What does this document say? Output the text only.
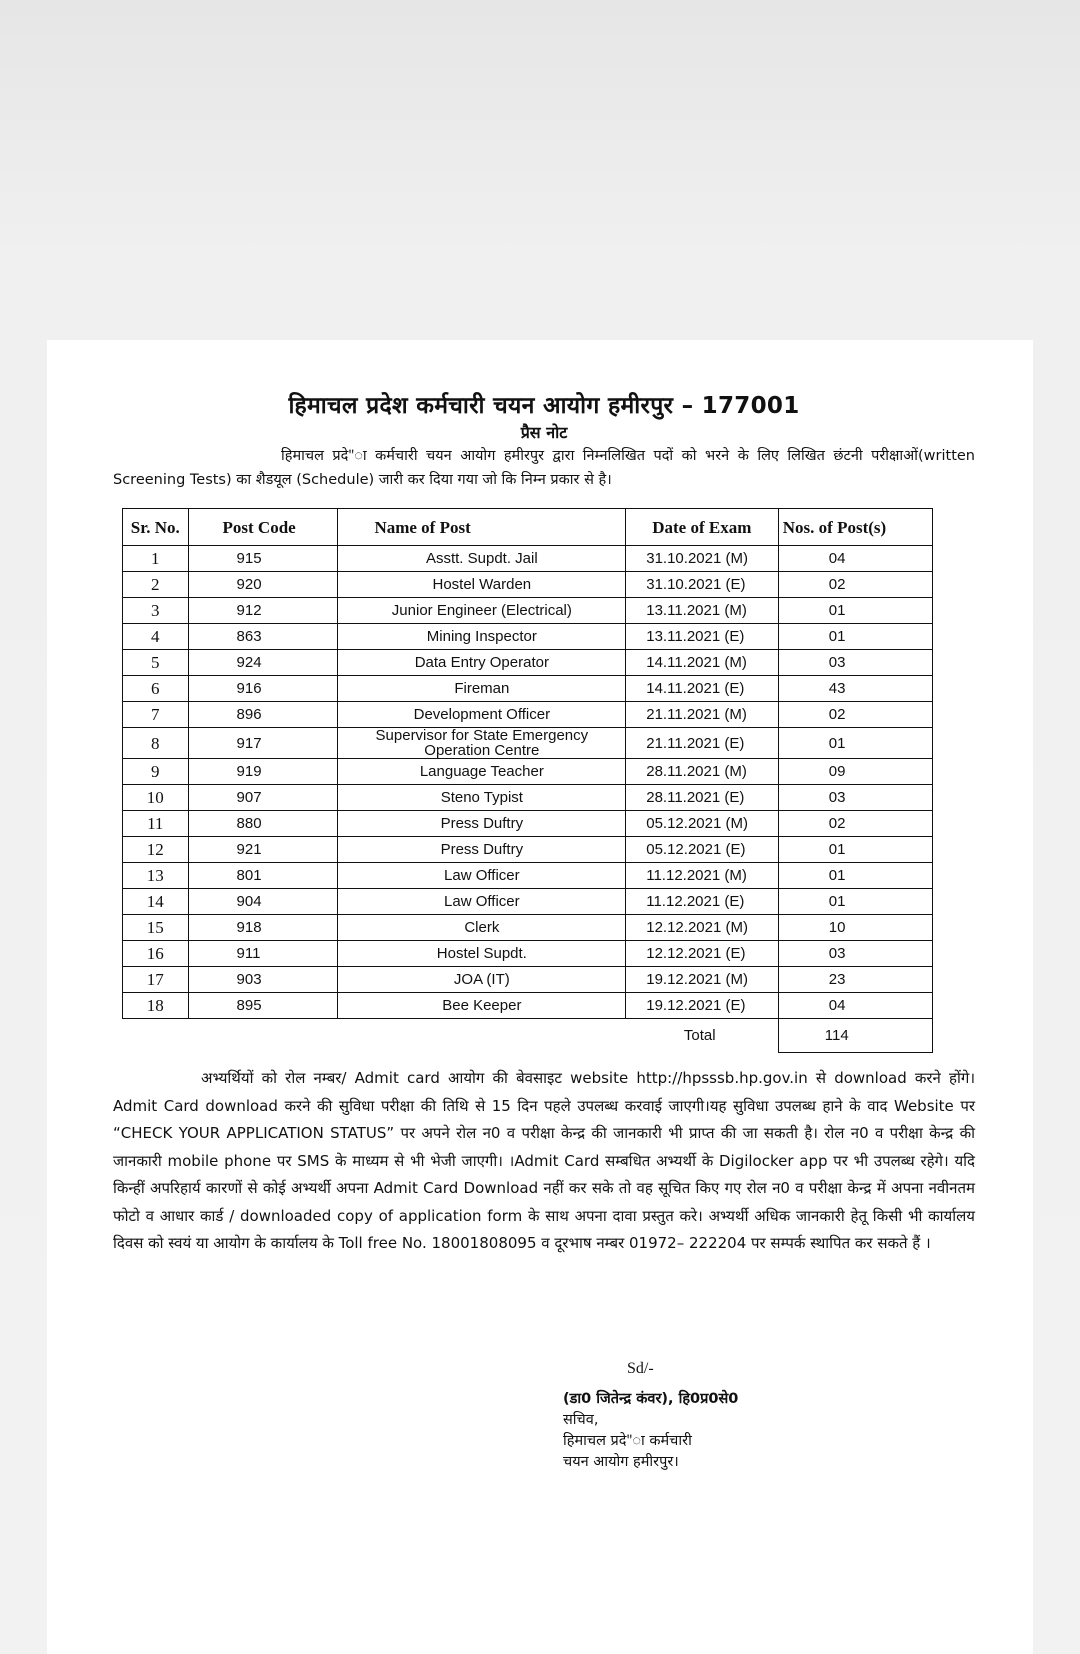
हिमाचल प्रदेश कर्मचारी चयन आयोग हमीरपुर – 177001
प्रैस नोट

हिमाचल प्रदे"ा कर्मचारी चयन आयोग हमीरपुर द्वारा निम्नलिखित पदों को भरने के लिए लिखित छंटनी परीक्षाओं(written Screening Tests) का शैडयूल (Schedule) जारी कर दिया गया जो कि निम्न प्रकार से है।

Sr. No.	Post Code	Name of Post	Date of Exam	Nos. of Post(s)
1	915	Asstt. Supdt. Jail	31.10.2021 (M)	04
2	920	Hostel Warden	31.10.2021 (E)	02
3	912	Junior Engineer (Electrical)	13.11.2021 (M)	01
4	863	Mining Inspector	13.11.2021 (E)	01
5	924	Data Entry Operator	14.11.2021 (M)	03
6	916	Fireman	14.11.2021 (E)	43
7	896	Development Officer	21.11.2021 (M)	02
8	917	Supervisor for State Emergency Operation Centre	21.11.2021 (E)	01
9	919	Language Teacher	28.11.2021 (M)	09
10	907	Steno Typist	28.11.2021 (E)	03
11	880	Press Duftry	05.12.2021 (M)	02
12	921	Press Duftry	05.12.2021 (E)	01
13	801	Law Officer	11.12.2021 (M)	01
14	904	Law Officer	11.12.2021 (E)	01
15	918	Clerk	12.12.2021 (M)	10
16	911	Hostel Supdt.	12.12.2021 (E)	03
17	903	JOA (IT)	19.12.2021 (M)	23
18	895	Bee Keeper	19.12.2021 (E)	04
			Total	114

अभ्यर्थियों को रोल नम्बर/ Admit card आयोग की बेवसाइट website http://hpsssb.hp.gov.in से download करने होंगे। Admit Card download करने की सुविधा परीक्षा की तिथि से 15 दिन पहले उपलब्ध करवाई जाएगी।यह सुविधा उपलब्ध हाने के वाद Website पर “CHECK YOUR APPLICATION STATUS” पर अपने रोल न0 व परीक्षा केन्द्र की जानकारी भी प्राप्त की जा सकती है। रोल न0 व परीक्षा केन्द्र की जानकारी mobile phone पर SMS के माध्यम से भी भेजी जाएगी। ।Admit Card सम्बधित अभ्यर्थी के Digilocker app पर भी उपलब्ध रहेगे। यदि किन्हीं अपरिहार्य कारणों से कोई अभ्यर्थी अपना Admit Card Download नहीं कर सके तो वह सूचित किए गए रोल न0 व परीक्षा केन्द्र में अपना नवीनतम फोटो व आधार कार्ड / downloaded copy of application form के साथ अपना दावा प्रस्तुत करे। अभ्यर्थी अधिक जानकारी हेतू किसी भी कार्यालय दिवस को स्वयं या आयोग के कार्यालय के Toll free No. 18001808095 व दूरभाष नम्बर 01972– 222204 पर सम्पर्क स्थापित कर सकते हैं ।

Sd/-
(डा0 जितेन्द्र कंवर), हि0प्र0से0
सचिव,
हिमाचल प्रदे"ा कर्मचारी
चयन आयोग हमीरपुर।
